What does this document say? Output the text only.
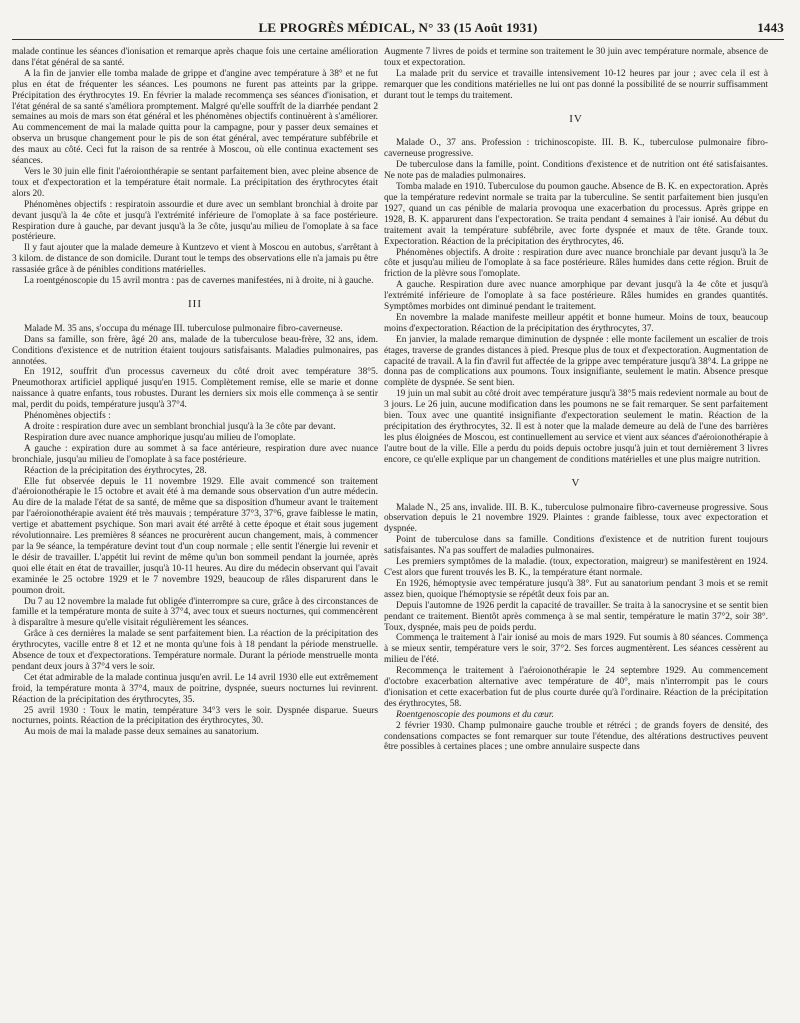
LE PROGRÈS MÉDICAL, N° 33 (15 Août 1931)	1443

malade continue les séances d'ionisation et remarque après chaque fois une certaine amélioration dans l'état général de sa santé.

A la fin de janvier elle tomba malade de grippe et d'angine avec température à 38° et ne fut plus en état de fréquenter les séances. Les poumons ne furent pas atteints par la grippe. Précipitation des érythrocytes 19. En février la malade recommença ses séances d'ionisation, et l'état général de sa santé s'améliora promptement. Malgré qu'elle souffrît de la diarrhée pendant 2 semaines au mois de mars son état général et les phénomènes objectifs continuèrent à s'améliorer. Au commencement de mai la malade quitta pour la campagne, pour y passer deux semaines et observa un brusque changement pour le pis de son état général, avec température subfébrile et des maux au côté. Ceci fut la raison de sa rentrée à Moscou, où elle continua exactement ses séances.

Vers le 30 juin elle finit l'aéroionthérapie se sentant parfaitement bien, avec pleine absence de toux et d'expectoration et la température était normale. La précipitation des érythrocytes était alors 20.

Phénomènes objectifs : respiratoin assourdie et dure avec un semblant bronchial à droite par devant jusqu'à la 4e côte et jusqu'à l'extrémité inférieure de l'omoplate à sa face postérieure. Respiration dure à gauche, par devant jusqu'à la 3e côte, jusqu'au milieu de l'omoplate à sa face postérieure.

Il y faut ajouter que la malade demeure à Kuntzevo et vient à Moscou en autobus, s'arrêtant à 3 kilom. de distance de son domicile. Durant tout le temps des observations elle n'a jamais pu être rassasiée grâce à de pénibles conditions matérielles.

La roentgénoscopie du 15 avril montra : pas de cavernes manifestées, ni à droite, ni à gauche.

III

Malade M. 35 ans, s'occupa du ménage III. tuberculose pulmonaire fibro-caverneuse.

Dans sa famille, son frère, âgé 20 ans, malade de la tuberculose beau-frère, 32 ans, idem. Conditions d'existence et de nutrition étaient toujours satisfaisants. Maladies pulmonaires, pas annotées.

En 1912, souffrit d'un processus caverneux du côté droit avec température 38°5. Pneumothorax artificiel appliqué jusqu'en 1915. Complètement remise, elle se marie et donne naissance à quatre enfants, tous robustes. Durant les derniers six mois elle commença à se sentir mal, perdit du poids, température jusqu'à 37°4.

Phénomènes objectifs :

A droite : respiration dure avec un semblant bronchial jusqu'à la 3e côte par devant.

Respiration dure avec nuance amphorique jusqu'au milieu de l'omoplate.

A gauche : expiration dure au sommet à sa face antérieure, respiration dure avec nuance bronchiale, jusqu'au milieu de l'omoplate à sa face postérieure.

Réaction de la précipitation des érythrocytes, 28.

Elle fut observée depuis le 11 novembre 1929. Elle avait commencé son traitement d'aéroionothérapie le 15 octobre et avait été à ma demande sous observation d'un autre médecin. Au dire de la malade l'état de sa santé, de même que sa disposition d'humeur avant le traitement par l'aéroionothérapie avaient été très mauvais ; température 37°3, 37°6, grave faiblesse le matin, vertige et abattement psychique. Son mari avait été arrêté à cette époque et était sous jugement révolutionnaire. Les premières 8 séances ne procurèrent aucun changement, mais, à commencer par la 9e séance, la température devint tout d'un coup normale ; elle sentit l'énergie lui revenir et le désir de travailler. L'appétit lui revint de même qu'un bon sommeil pendant la journée, après quoi elle était en état de travailler, jusqu'à 10-11 heures. Au dire du médecin observant qui l'avait examinée le 25 octobre 1929 et le 7 novembre 1929, beaucoup de râles disparurent dans le poumon droit.

Du 7 au 12 novembre la malade fut obligée d'interrompre sa cure, grâce à des circonstances de famille et la température monta de suite à 37°4, avec toux et sueurs nocturnes, qui commencèrent à disparaître à mesure qu'elle visitait régulièrement les séances.

Grâce à ces dernières la malade se sent parfaitement bien. La réaction de la précipitation des érythrocytes, vacille entre 8 et 12 et ne monta qu'une fois à 18 pendant la période menstruelle. Absence de toux et d'expectorations. Température normale. Durant la période menstruelle monta pendant deux jours à 37°4 vers le soir.

Cet état admirable de la malade continua jusqu'en avril. Le 14 avril 1930 elle eut extrêmement froid, la température monta à 37°4, maux de poitrine, dyspnée, sueurs nocturnes lui revinrent. Réaction de la précipitation des érythrocytes, 35.

25 avril 1930 : Toux le matin, température 34°3 vers le soir. Dyspnée disparue. Sueurs nocturnes, points. Réaction de la précipitation des érythrocytes, 30.

Au mois de mai la malade passe deux semaines au sanatorium.

Augmente 7 livres de poids et termine son traitement le 30 juin avec température normale, absence de toux et expectoration.

La malade prit du service et travaille intensivement 10-12 heures par jour ; avec cela il est à remarquer que les conditions matérielles ne lui ont pas donné la possibilité de se nourrir suffisamment durant tout le temps du traitement.

IV

Malade O., 37 ans. Profession : trichinoscopiste. III. B. K., tuberculose pulmonaire fibro-caverneuse progressive.

De tuberculose dans la famille, point. Conditions d'existence et de nutrition ont été satisfaisantes. Ne note pas de maladies pulmonaires.

Tomba malade en 1910. Tuberculose du poumon gauche. Absence de B. K. en expectoration. Après que la température redevint normale se traita par la tuberculine. Se sentit parfaitement bien jusqu'en 1927, quand un cas pénible de malaria provoqua une exacerbation du processus. Après grippe en 1928, B. K. apparurent dans l'expectoration. Se traita pendant 4 semaines à l'air ionisé. Au début du traitement avait la température subfébrile, avec forte dyspnée et maux de tête. Grande toux. Expectoration. Réaction de la précipitation des érythrocytes, 46.

Phénomènes objectifs. A droite : respiration dure avec nuance bronchiale par devant jusqu'à la 3e côte et jusqu'au milieu de l'omoplate à sa face postérieure. Râles humides dans cette région. Bruit de friction de la plèvre sous l'omoplate.

A gauche. Respiration dure avec nuance amorphique par devant jusqu'à la 4e côte et jusqu'à l'extrémité inférieure de l'omoplate à sa face postérieure. Râles humides en grandes quantités. Symptômes morbides ont diminué pendant le traitement.

En novembre la malade manifeste meilleur appétit et bonne humeur. Moins de toux, beaucoup moins d'expectoration. Réaction de la précipitation des érythrocytes, 37.

En janvier, la malade remarque diminution de dyspnée : elle monte facilement un escalier de trois étages, traverse de grandes distances à pied. Presque plus de toux et d'expectoration. Augmentation de capacité de travail. A la fin d'avril fut affectée de la grippe avec température jusqu'à 38°4. La grippe ne donna pas de complications aux poumons. Toux insignifiante, seulement le matin. Absence presque complète de dyspnée. Se sent bien.

19 juin un mal subit au côté droit avec température jusqu'à 38°5 mais redevient normale au bout de 3 jours. Le 26 juin, aucune modification dans les poumons ne se fait remarquer. Se sent parfaitement bien. Toux avec une quantité insignifiante d'expectoration seulement le matin. Réaction de la précipitation des érythrocytes, 32. Il est à noter que la malade demeure au delà de l'une des barrières les plus éloignées de Moscou, est continuellement au service et vient aux séances d'aéroionothérapie à l'autre bout de la ville. Elle a perdu du poids depuis octobre jusqu'à juin et tout dernièrement 3 livres encore, ce qu'elle explique par un changement de conditions matérielles et une plus maigre nutrition.

V

Malade N., 25 ans, invalide. III. B. K., tuberculose pulmonaire fibro-caverneuse progressive. Sous observation depuis le 21 novembre 1929. Plaintes : grande faiblesse, toux avec expectoration et dyspnée.

Point de tuberculose dans sa famille. Conditions d'existence et de nutrition furent toujours satisfaisantes. N'a pas souffert de maladies pulmonaires.

Les premiers symptômes de la maladie. (toux, expectoration, maigreur) se manifestèrent en 1924. C'est alors que furent trouvés les B. K., la température étant normale.

En 1926, hémoptysie avec température jusqu'à 38°. Fut au sanatorium pendant 3 mois et se remit assez bien, quoique l'hémoptysie se répétât deux fois par an.

Depuis l'automne de 1926 perdit la capacité de travailler. Se traita à la sanocrysine et se sentit bien pendant ce traitement. Bientôt après commença à se mal sentir, température le matin 37°2, soir 38°. Toux, dyspnée, mais peu de poids perdu.

Commença le traitement à l'air ionisé au mois de mars 1929. Fut soumis à 80 séances. Commença à se mieux sentir, température vers le soir, 37°2. Ses forces augmentèrent. Les séances cessèrent au milieu de l'été.

Recommença le traitement à l'aéroionothérapie le 24 septembre 1929. Au commencement d'octobre exacerbation alternative avec température de 40°, mais n'interrompit pas le cours d'ionisation et cette exacerbation fut de plus courte durée qu'à l'ordinaire. Réaction de la précipitation des érythrocytes, 58.

Roentgenoscopie des poumons et du cœur.

2 février 1930. Champ pulmonaire gauche trouble et rétréci ; de grands foyers de densité, des condensations compactes se font remarquer sur toute l'étendue, des altérations destructives peuvent être possibles à certaines places ; une ombre annulaire suspecte dans
